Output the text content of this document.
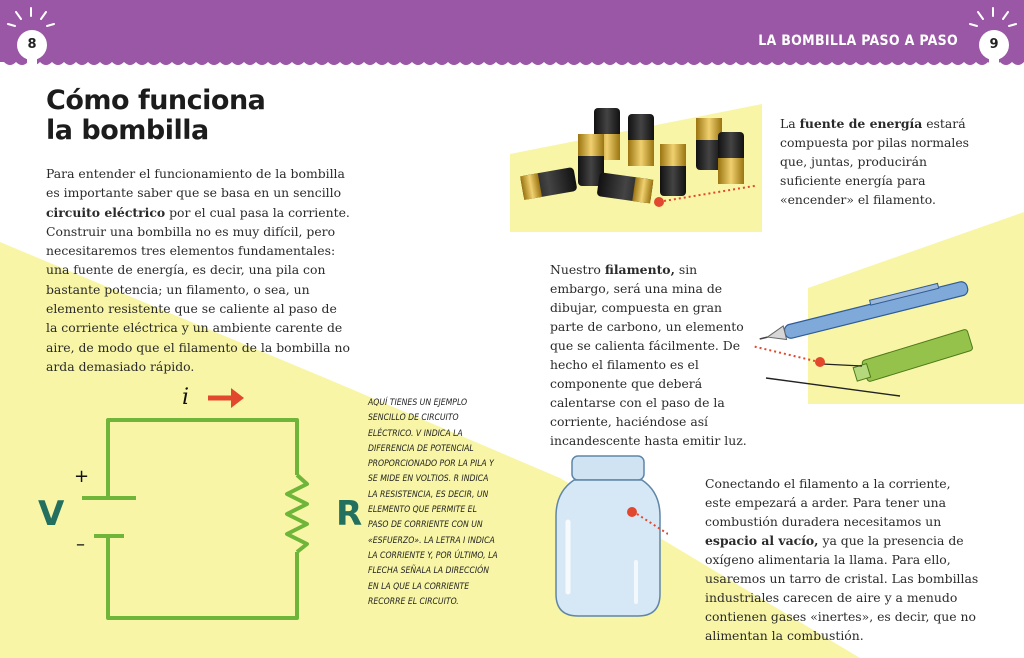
8	9
LA BOMBILLA PASO A PASO
Cómo funciona
la bombilla

Para entender el funcionamiento de la bombilla es importante saber que se basa en un sencillo circuito eléctrico por el cual pasa la corriente. Construir una bombilla no es muy difícil, pero necesitaremos tres elementos fundamentales: una fuente de energía, es decir, una pila con bastante potencia; un filamento, o sea, un elemento resistente que se caliente al paso de la corriente eléctrica y un ambiente carente de aire, de modo que el filamento de la bombilla no arda demasiado rápido.

i
V	R
+
–

AQUÍ TIENES UN EJEMPLO SENCILLO DE CIRCUITO ELÉCTRICO. V INDICA LA DIFERENCIA DE POTENCIAL PROPORCIONADO POR LA PILA Y SE MIDE EN VOLTIOS. R INDICA LA RESISTENCIA, ES DECIR, UN ELEMENTO QUE PERMITE EL PASO DE CORRIENTE CON UN «ESFUERZO». LA LETRA I INDICA LA CORRIENTE Y, POR ÚLTIMO, LA FLECHA SEÑALA LA DIRECCIÓN EN LA QUE LA CORRIENTE RECORRE EL CIRCUITO.

La fuente de energía estará compuesta por pilas normales que, juntas, producirán suficiente energía para «encender» el filamento.

Nuestro filamento, sin embargo, será una mina de dibujar, compuesta en gran parte de carbono, un elemento que se calienta fácilmente. De hecho el filamento es el componente que deberá calentarse con el paso de la corriente, haciéndose así incandescente hasta emitir luz.

Conectando el filamento a la corriente, este empezará a arder. Para tener una combustión duradera necesitamos un espacio al vacío, ya que la presencia de oxígeno alimentaria la llama. Para ello, usaremos un tarro de cristal. Las bombillas industriales carecen de aire y a menudo contienen gases «inertes», es decir, que no alimentan la combustión.
